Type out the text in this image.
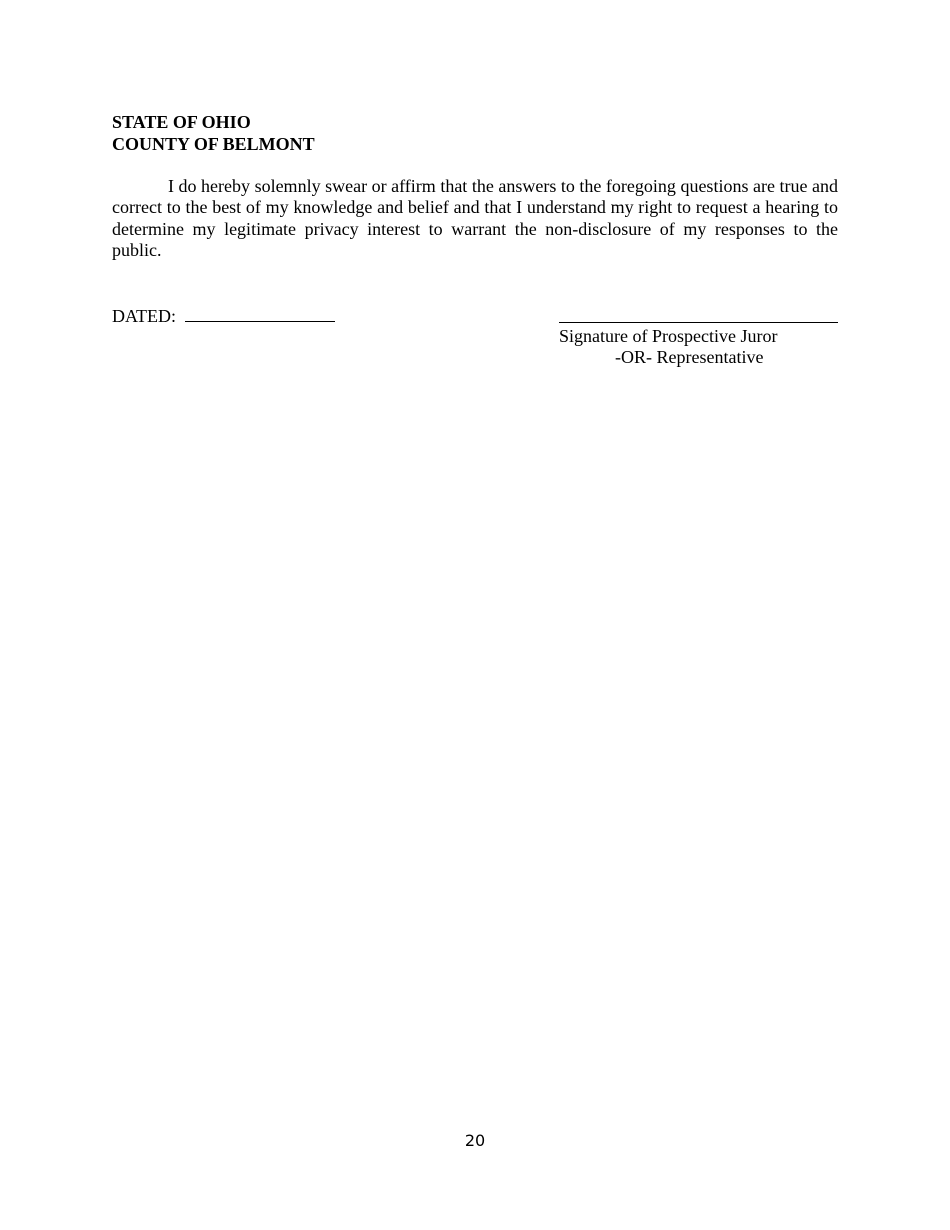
STATE OF OHIO
COUNTY OF BELMONT

I do hereby solemnly swear or affirm that the answers to the foregoing questions are true and correct to the best of my knowledge and belief and that I understand my right to request a hearing to determine my legitimate privacy interest to warrant the non-disclosure of my responses to the public.

DATED:
Signature of Prospective Juror
-OR- Representative
20
